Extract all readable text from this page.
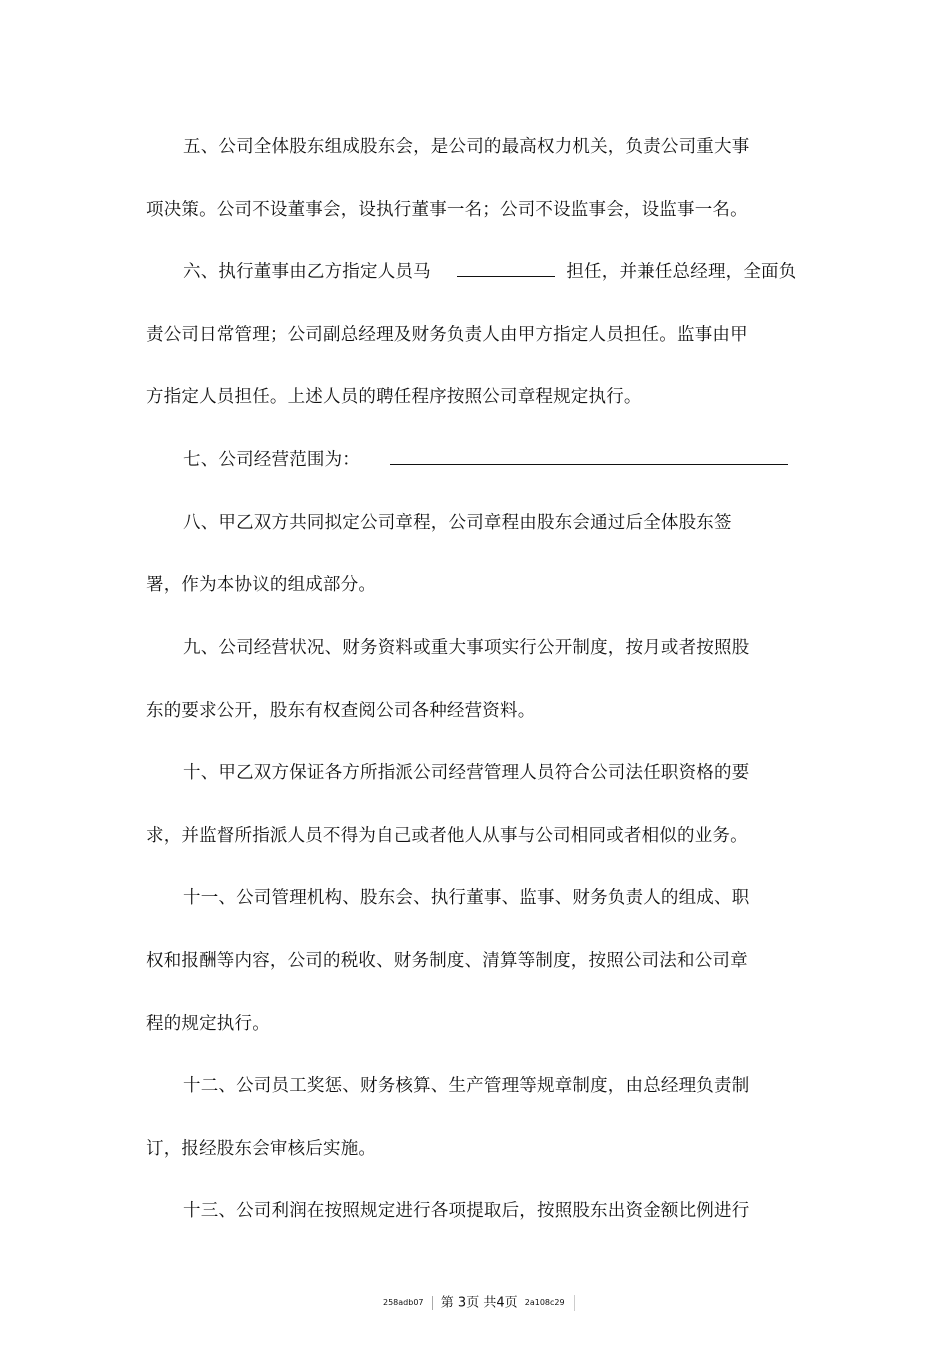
五、公司全体股东组成股东会，是公司的最高权力机关，负责公司重大事
项决策。公司不设董事会，设执行董事一名；公司不设监事会，设监事一名。
六、执行董事由乙方指定人员马	担任，并兼任总经理，全面负
责公司日常管理；公司副总经理及财务负责人由甲方指定人员担任。监事由甲
方指定人员担任。上述人员的聘任程序按照公司章程规定执行。
七、公司经营范围为：
八、甲乙双方共同拟定公司章程，公司章程由股东会通过后全体股东签
署，作为本协议的组成部分。
九、公司经营状况、财务资料或重大事项实行公开制度，按月或者按照股
东的要求公开，股东有权查阅公司各种经营资料。
十、甲乙双方保证各方所指派公司经营管理人员符合公司法任职资格的要
求，并监督所指派人员不得为自己或者他人从事与公司相同或者相似的业务。
十一、公司管理机构、股东会、执行董事、监事、财务负责人的组成、职
权和报酬等内容，公司的税收、财务制度、清算等制度，按照公司法和公司章
程的规定执行。
十二、公司员工奖惩、财务核算、生产管理等规章制度，由总经理负责制
订，报经股东会审核后实施。
十三、公司利润在按照规定进行各项提取后，按照股东出资金额比例进行
258adb07 第 3页 共4页 2a108c29
